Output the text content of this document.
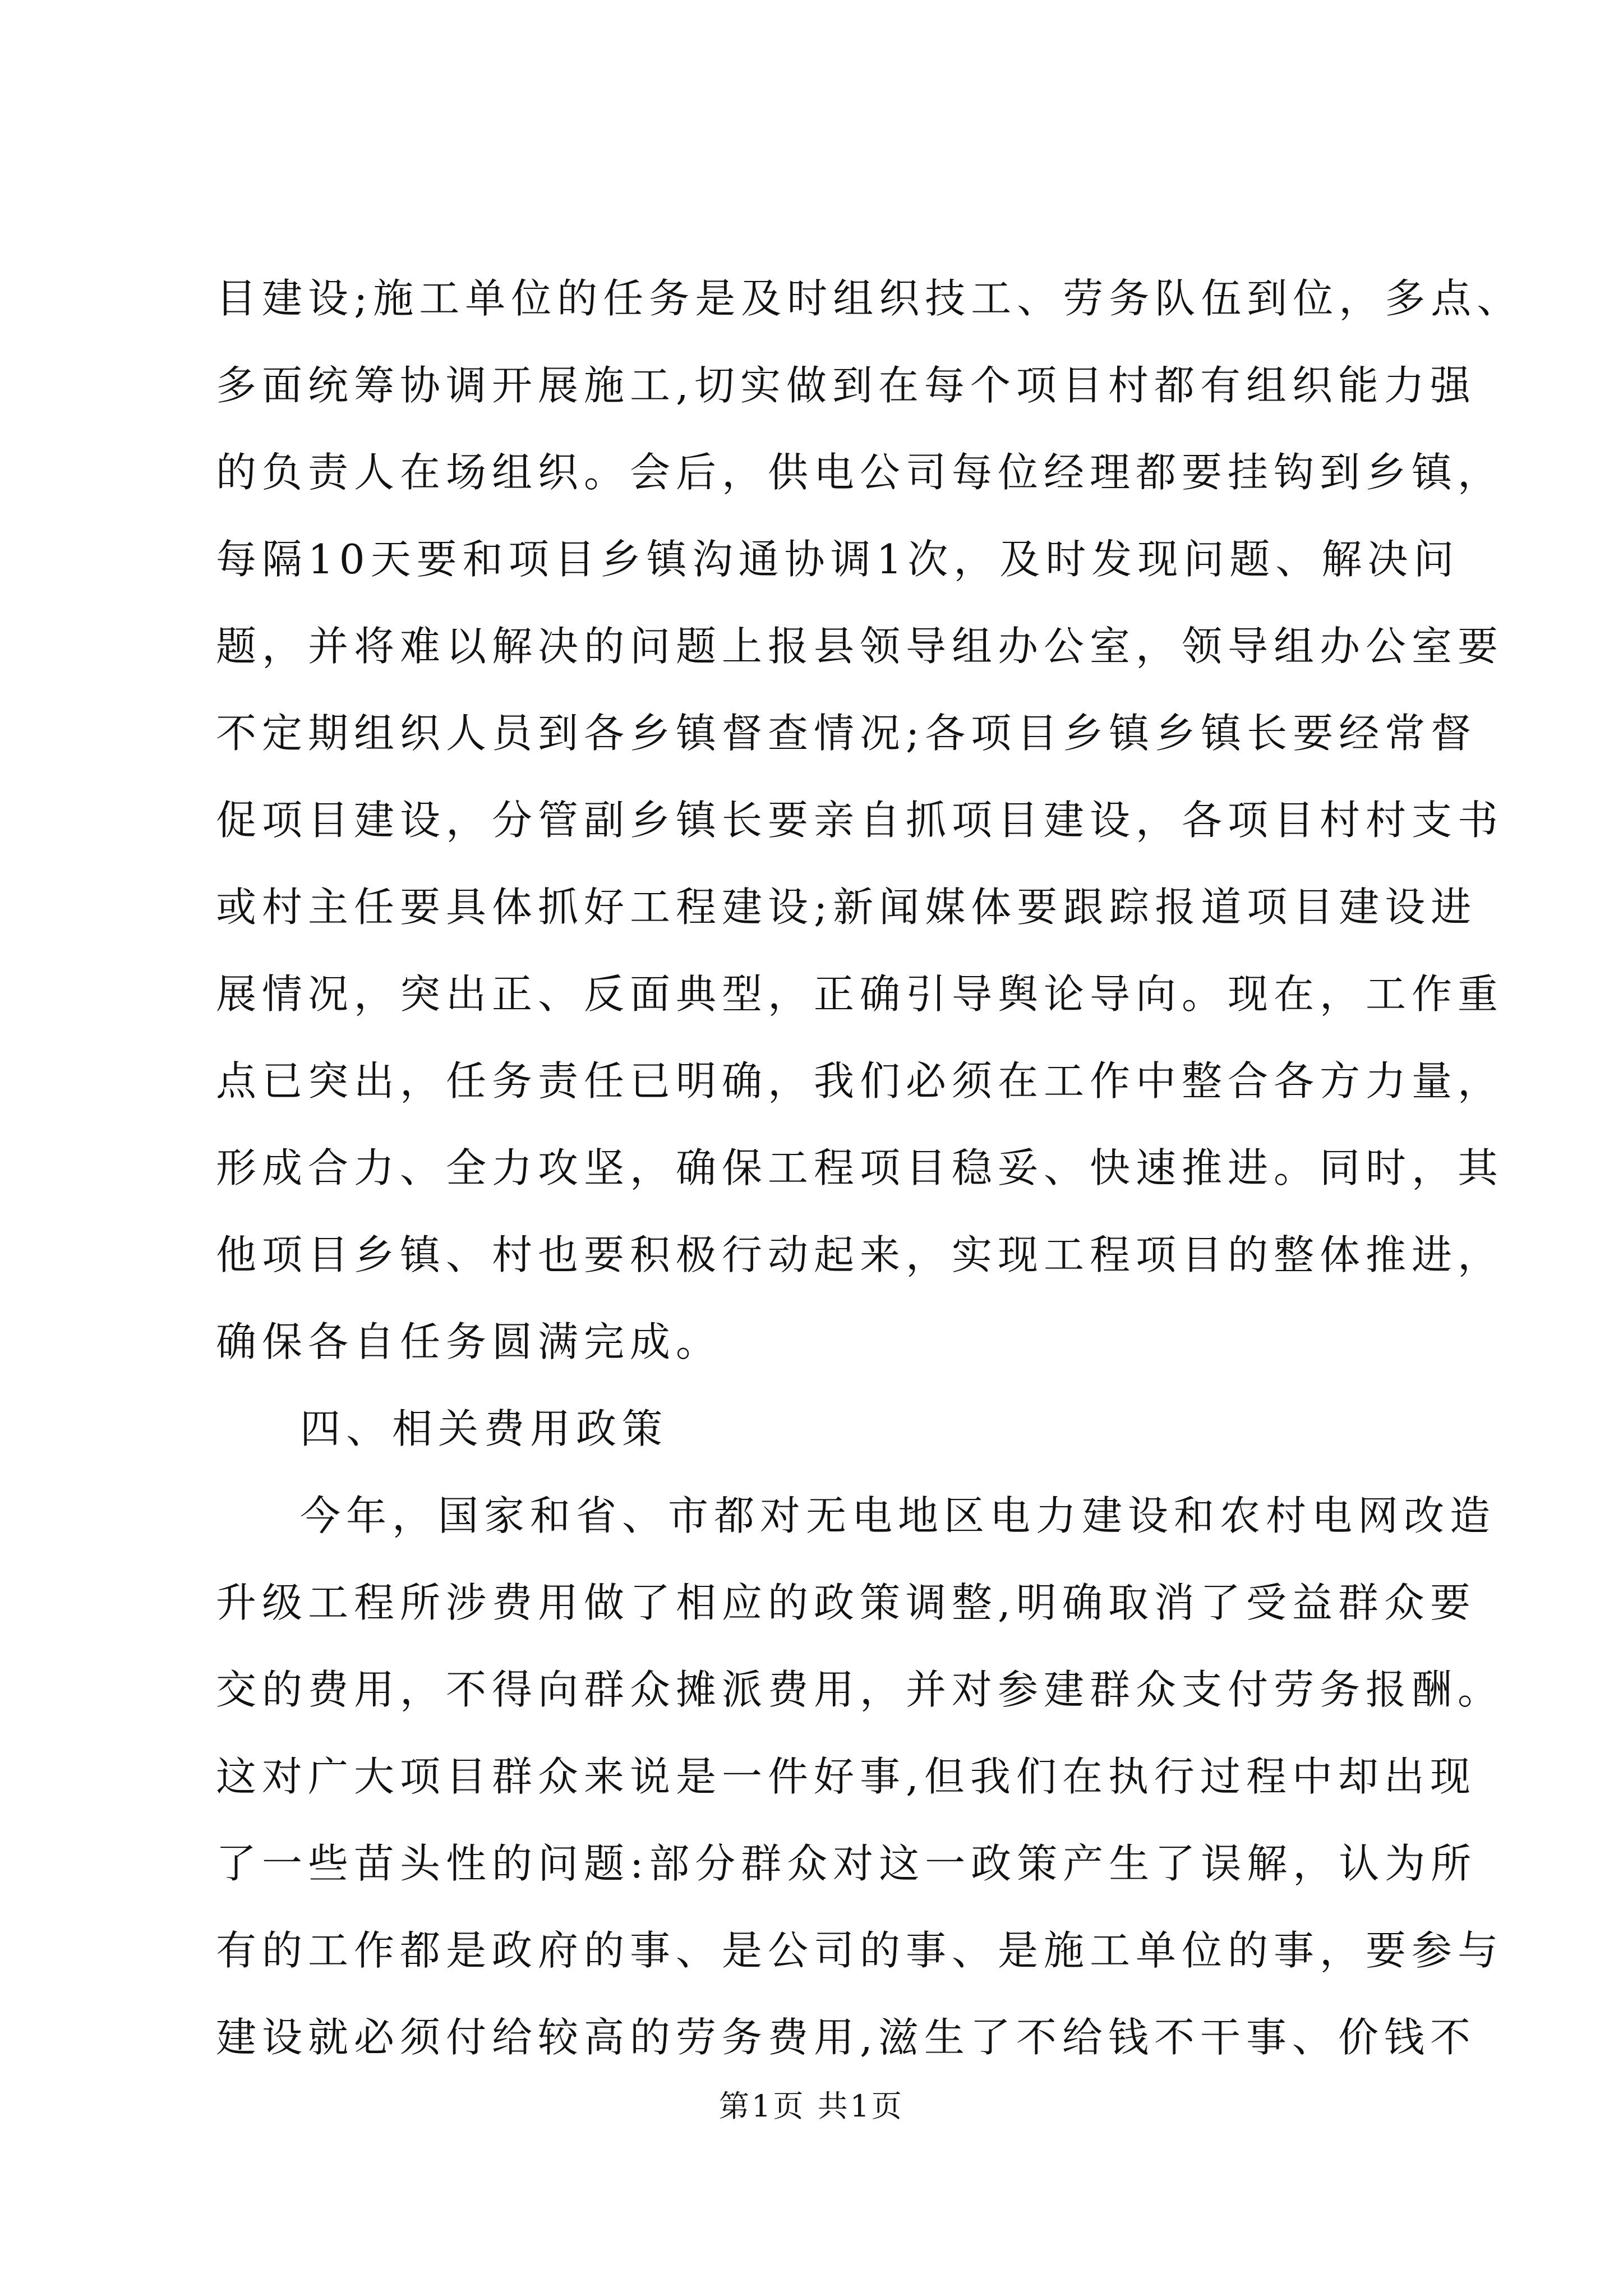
目建设;施工单位的任务是及时组织技工、劳务队伍到位，多点、
多面统筹协调开展施工,切实做到在每个项目村都有组织能力强
的负责人在场组织。会后，供电公司每位经理都要挂钩到乡镇，
每隔10天要和项目乡镇沟通协调1次，及时发现问题、解决问
题，并将难以解决的问题上报县领导组办公室，领导组办公室要
不定期组织人员到各乡镇督查情况;各项目乡镇乡镇长要经常督
促项目建设，分管副乡镇长要亲自抓项目建设，各项目村村支书
或村主任要具体抓好工程建设;新闻媒体要跟踪报道项目建设进
展情况，突出正、反面典型，正确引导舆论导向。现在，工作重
点已突出，任务责任已明确，我们必须在工作中整合各方力量，
形成合力、全力攻坚，确保工程项目稳妥、快速推进。同时，其
他项目乡镇、村也要积极行动起来，实现工程项目的整体推进，
确保各自任务圆满完成。
四、相关费用政策
今年，国家和省、市都对无电地区电力建设和农村电网改造
升级工程所涉费用做了相应的政策调整,明确取消了受益群众要
交的费用，不得向群众摊派费用，并对参建群众支付劳务报酬。
这对广大项目群众来说是一件好事,但我们在执行过程中却出现
了一些苗头性的问题:部分群众对这一政策产生了误解，认为所
有的工作都是政府的事、是公司的事、是施工单位的事，要参与
建设就必须付给较高的劳务费用,滋生了不给钱不干事、价钱不
第1页 共1页
